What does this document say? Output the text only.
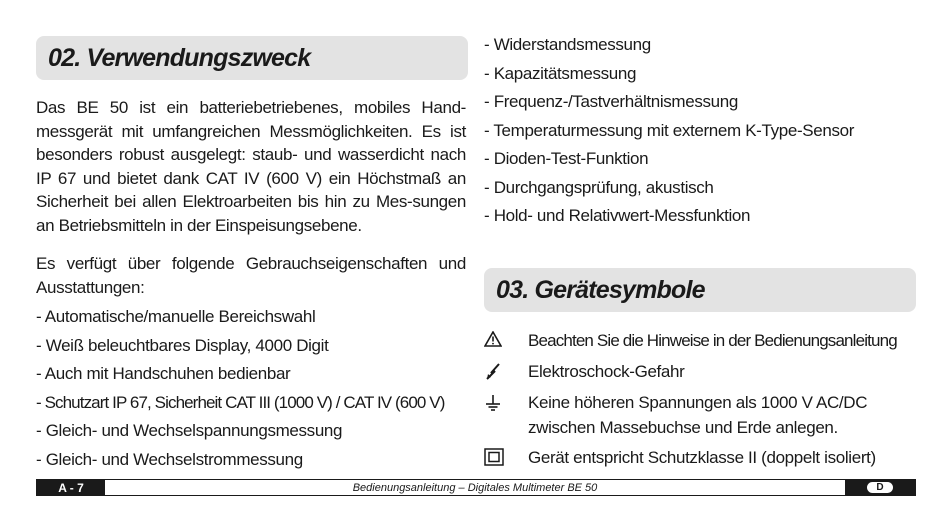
02. Verwendungszweck

Das BE 50 ist ein batteriebetriebenes, mobiles Hand-messgerät mit umfangreichen Messmöglichkeiten. Es ist besonders robust ausgelegt: staub- und wasserdicht nach IP 67 und bietet dank CAT IV (600 V) ein Höchstmaß an Sicherheit bei allen Elektroarbeiten bis hin zu Mes-sungen an Betriebsmitteln in der Einspeisungsebene.

Es verfügt über folgende Gebrauchseigenschaften und Ausstattungen:

- Automatische/manuelle Bereichswahl
- Weiß beleuchtbares Display, 4000 Digit
- Auch mit Handschuhen bedienbar
- Schutzart IP 67, Sicherheit CAT III (1000 V) / CAT IV (600 V)
- Gleich- und Wechselspannungsmessung
- Gleich- und Wechselstrommessung
- Widerstandsmessung
- Kapazitätsmessung
- Frequenz-/Tastverhältnismessung
- Temperaturmessung mit externem K-Type-Sensor
- Dioden-Test-Funktion
- Durchgangsprüfung, akustisch
- Hold- und Relativwert-Messfunktion
03. Gerätesymbole
Beachten Sie die Hinweise in der Bedienungsanleitung
Elektroschock-Gefahr
Keine höheren Spannungen als 1000 V AC/DC zwischen Massebuchse und Erde anlegen.
Gerät entspricht Schutzklasse II (doppelt isoliert)
A - 7	Bedienungsanleitung – Digitales Multimeter BE 50	D
